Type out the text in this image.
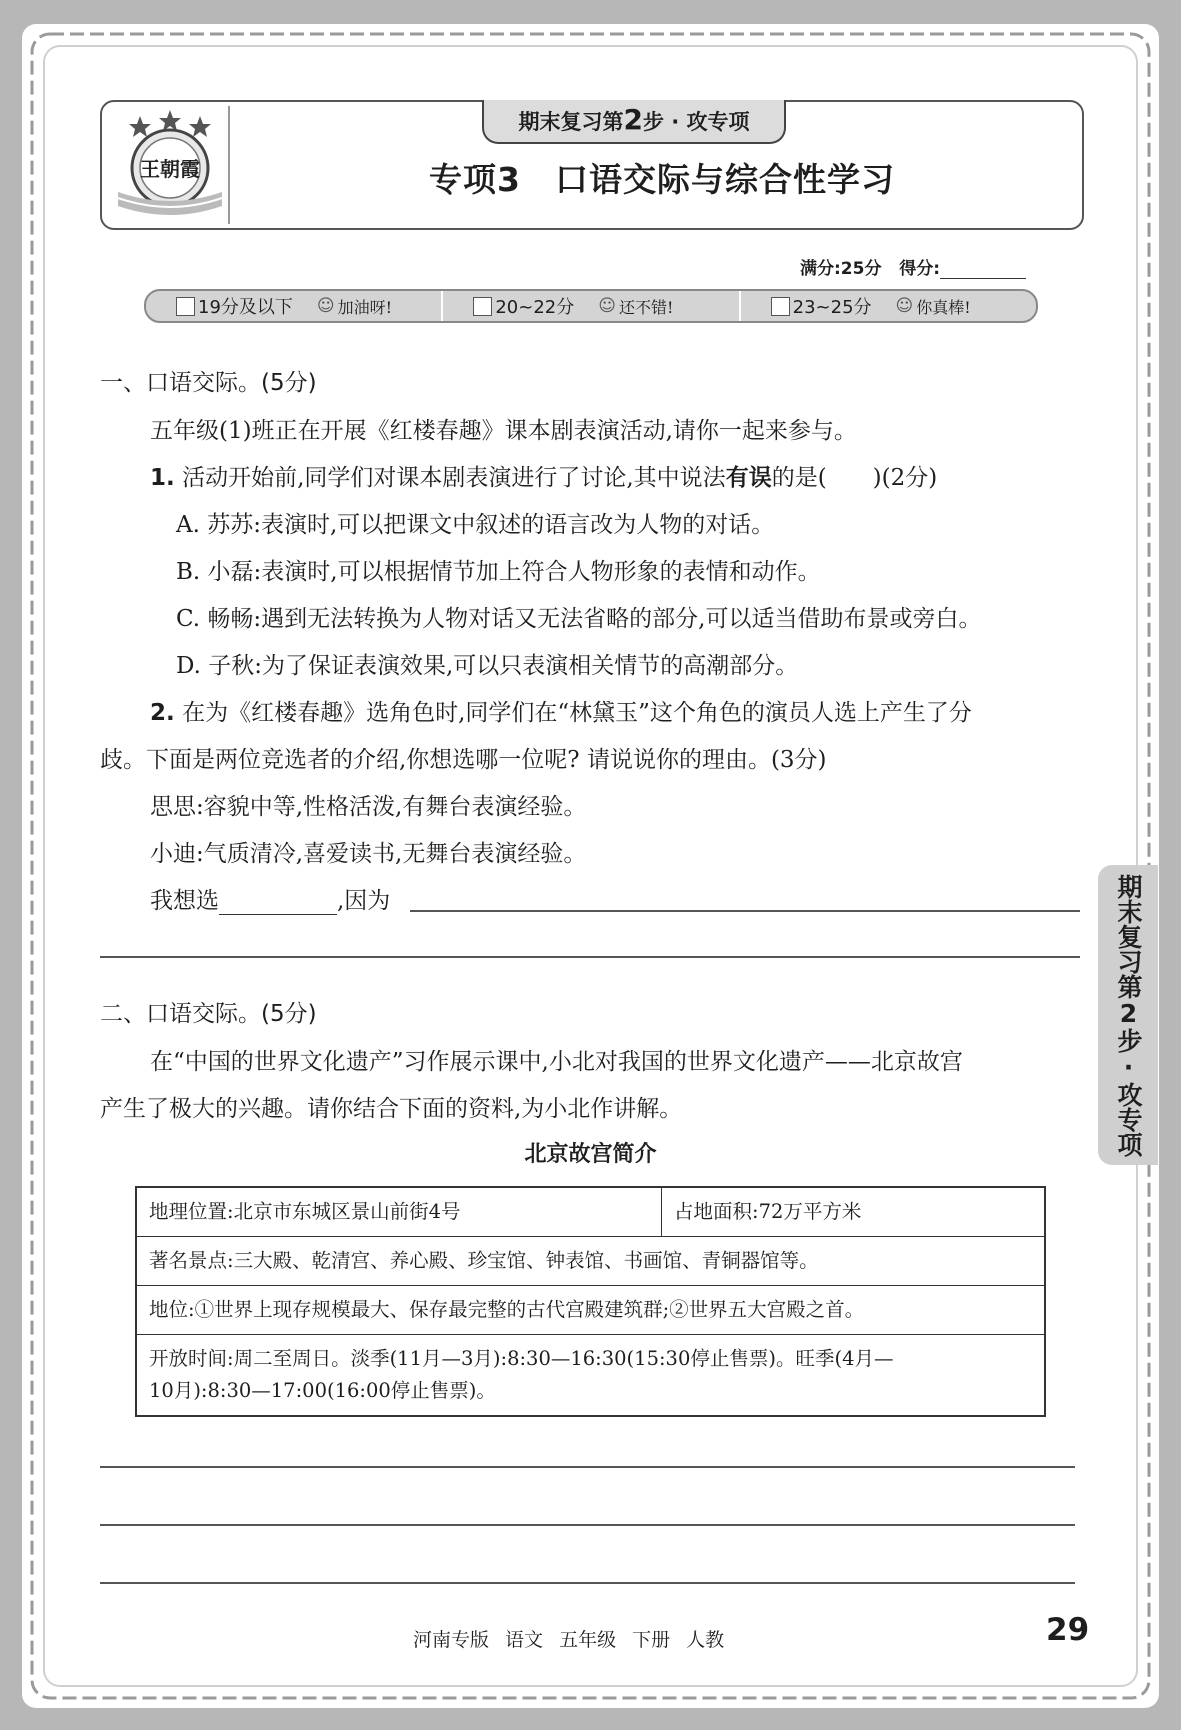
王朝霞
期末复习第2步 · 攻专项
专项3　口语交际与综合性学习
满分:25分 得分:
19分及以下 ☺ 加油呀!	20~22分 ☺ 还不错!	23~25分 ☺ 你真棒!
一、口语交际。(5分)
五年级(1)班正在开展《红楼春趣》课本剧表演活动,请你一起来参与。
1. 活动开始前,同学们对课本剧表演进行了讨论,其中说法有误的是(　　)(2分)
A. 苏苏:表演时,可以把课文中叙述的语言改为人物的对话。
B. 小磊:表演时,可以根据情节加上符合人物形象的表情和动作。
C. 畅畅:遇到无法转换为人物对话又无法省略的部分,可以适当借助布景或旁白。
D. 子秋:为了保证表演效果,可以只表演相关情节的高潮部分。
2. 在为《红楼春趣》选角色时,同学们在“林黛玉”这个角色的演员人选上产生了分
歧。下面是两位竞选者的介绍,你想选哪一位呢? 请说说你的理由。(3分)
思思:容貌中等,性格活泼,有舞台表演经验。
小迪:气质清冷,喜爱读书,无舞台表演经验。
我想选	,因为
二、口语交际。(5分)
在“中国的世界文化遗产”习作展示课中,小北对我国的世界文化遗产——北京故宫
产生了极大的兴趣。请你结合下面的资料,为小北作讲解。
北京故宫简介
地理位置:北京市东城区景山前街4号	占地面积:72万平方米
著名景点:三大殿、乾清宫、养心殿、珍宝馆、钟表馆、书画馆、青铜器馆等。
地位:①世界上现存规模最大、保存最完整的古代宫殿建筑群;②世界五大宫殿之首。
开放时间:周二至周日。淡季(11月—3月):8:30—16:30(15:30停止售票)。旺季(4月—
10月):8:30—17:00(16:00停止售票)。
期末复习第2步·攻专项
河南专版 语文 五年级 下册 人教	29
